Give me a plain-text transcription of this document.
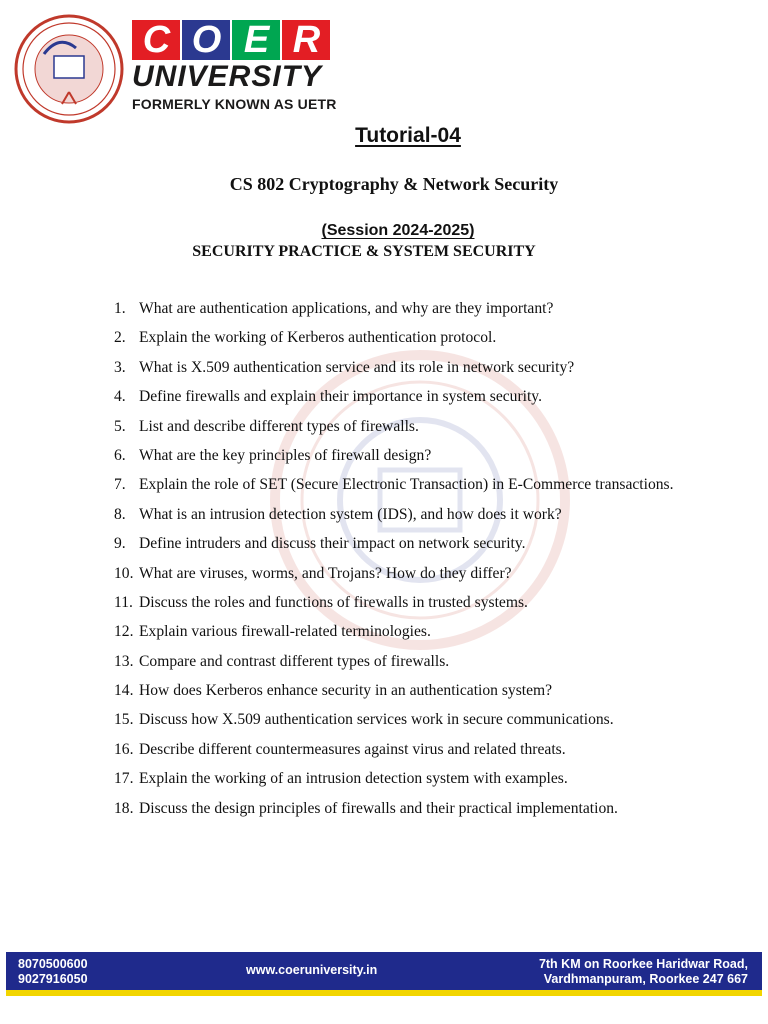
C O E R
UNIVERSITY
FORMERLY KNOWN AS UETR
Tutorial-04
CS 802 Cryptography & Network Security
(Session 2024-2025)
SECURITY PRACTICE & SYSTEM SECURITY
1. What are authentication applications, and why are they important?
2. Explain the working of Kerberos authentication protocol.
3. What is X.509 authentication service and its role in network security?
4. Define firewalls and explain their importance in system security.
5. List and describe different types of firewalls.
6. What are the key principles of firewall design?
7. Explain the role of SET (Secure Electronic Transaction) in E-Commerce transactions.
8. What is an intrusion detection system (IDS), and how does it work?
9. Define intruders and discuss their impact on network security.
10. What are viruses, worms, and Trojans? How do they differ?
11. Discuss the roles and functions of firewalls in trusted systems.
12. Explain various firewall-related terminologies.
13. Compare and contrast different types of firewalls.
14. How does Kerberos enhance security in an authentication system?
15. Discuss how X.509 authentication services work in secure communications.
16. Describe different countermeasures against virus and related threats.
17. Explain the working of an intrusion detection system with examples.
18. Discuss the design principles of firewalls and their practical implementation.
8070500600
9027916050
www.coeruniversity.in	7th KM on Roorkee Haridwar Road,
Vardhmanpuram, Roorkee 247 667
